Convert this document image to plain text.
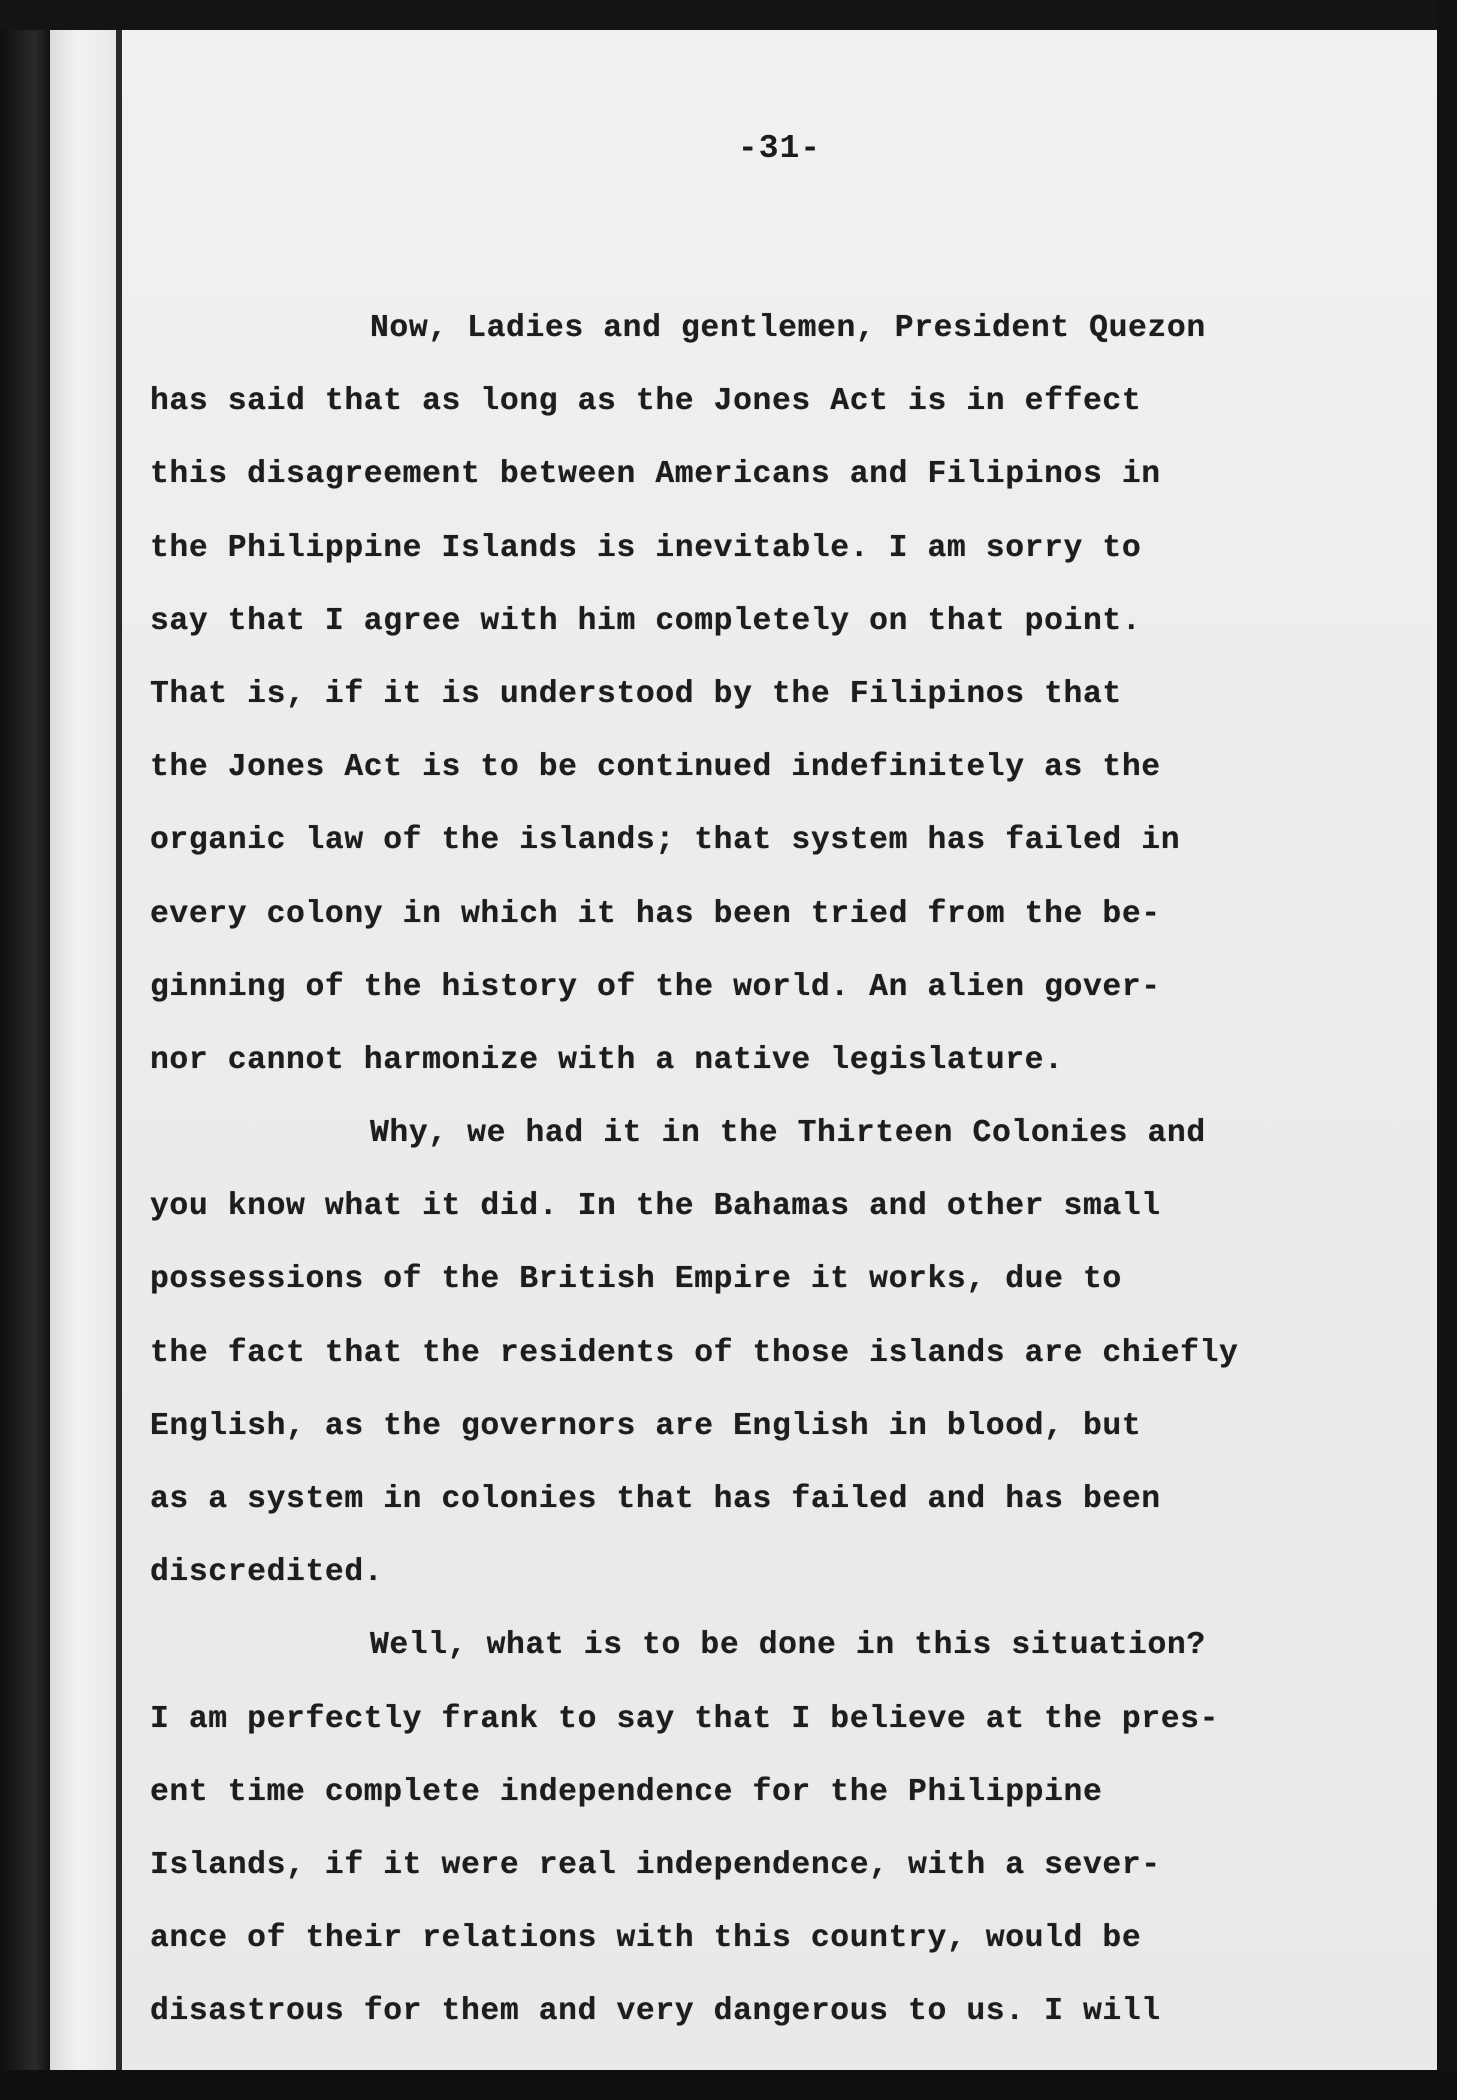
-31-
Now, Ladies and gentlemen, President Quezon
has said that as long as the Jones Act is in effect
this disagreement between Americans and Filipinos in
the Philippine Islands is inevitable. I am sorry to
say that I agree with him completely on that point.
That is, if it is understood by the Filipinos that
the Jones Act is to be continued indefinitely as the
organic law of the islands; that system has failed in
every colony in which it has been tried from the be-
ginning of the history of the world. An alien gover-
nor cannot harmonize with a native legislature.
Why, we had it in the Thirteen Colonies and
you know what it did. In the Bahamas and other small
possessions of the British Empire it works, due to
the fact that the residents of those islands are chiefly
English, as the governors are English in blood, but
as a system in colonies that has failed and has been
discredited.
Well, what is to be done in this situation?
I am perfectly frank to say that I believe at the pres-
ent time complete independence for the Philippine
Islands, if it were real independence, with a sever-
ance of their relations with this country, would be
disastrous for them and very dangerous to us. I will
